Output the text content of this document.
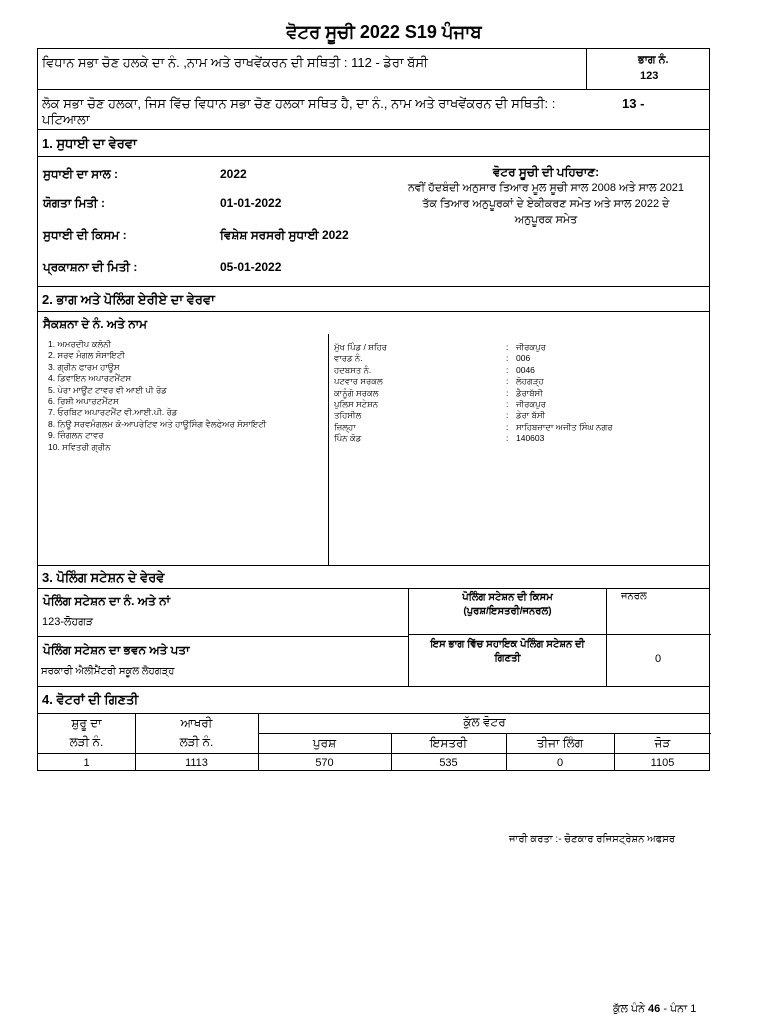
ਵੋਟਰ ਸੂਚੀ 2022 S19 ਪੰਜਾਬ
ਵਿਧਾਨ ਸਭਾ ਚੋਣ ਹਲਕੇ ਦਾ ਨੰ. ,ਨਾਮ ਅਤੇ ਰਾਖਵੇਂਕਰਨ ਦੀ ਸਥਿਤੀ : 112 - ਡੇਰਾ ਬੱਸੀ	ਭਾਗ ਨੰ.
123
ਲੋਕ ਸਭਾ ਚੋਣ ਹਲਕਾ, ਜਿਸ ਵਿੱਚ ਵਿਧਾਨ ਸਭਾ ਚੋਣ ਹਲਕਾ ਸਥਿਤ ਹੈ, ਦਾ ਨੰ., ਨਾਮ ਅਤੇ ਰਾਖਵੇਂਕਰਨ ਦੀ ਸਥਿਤੀ: :	13 -
ਪਟਿਆਲਾ
1. ਸੁਧਾਈ ਦਾ ਵੇਰਵਾ
ਸੁਧਾਈ ਦਾ ਸਾਲ :	2022
ਯੋਗਤਾ ਮਿਤੀ :	01-01-2022
ਸੁਧਾਈ ਦੀ ਕਿਸਮ :	ਵਿਸ਼ੇਸ਼ ਸਰਸਰੀ ਸੁਧਾਈ 2022
ਪ੍ਰਕਾਸ਼ਨਾ ਦੀ ਮਿਤੀ :	05-01-2022
ਵੋਟਰ ਸੂਚੀ ਦੀ ਪਹਿਚਾਣ:
ਨਵੀਂ ਹੱਦਬੰਦੀ ਅਨੁਸਾਰ ਤਿਆਰ ਮੂਲ ਸੂਚੀ ਸਾਲ 2008 ਅਤੇ ਸਾਲ 2021
ਤੱਕ ਤਿਆਰ ਅਨੁਪੂਰਕਾਂ ਦੇ ਏਕੀਕਰਣ ਸਮੇਤ ਅਤੇ ਸਾਲ 2022 ਦੇ
ਅਨੁਪੂਰਕ ਸਮੇਤ
2. ਭਾਗ ਅਤੇ ਪੋਲਿੰਗ ਏਰੀਏ ਦਾ ਵੇਰਵਾ
ਸੈਕਸ਼ਨਾ ਦੇ ਨੰ. ਅਤੇ ਨਾਮ
1. ਅਮਰਦੀਪ ਕਲੋਨੀ
2. ਸਰਵ ਮੰਗਲ ਸੋਸਾਇਟੀ
3. ਗ੍ਰੀਨ ਫਾਰਮ ਹਾਊਸ
4. ਡਿਵਾਇਨ ਅਪਾਰਟਮੈਂਟਸ
5. ਪੇਰਾ ਮਾਊਂਟ ਟਾਵਰ ਵੀ ਆਈ ਪੀ ਰੋਡ
6. ਰਿਸ਼ੀ ਅਪਾਰਟਮੈਂਟਸ
7. ਓਰਬਿਟ ਅਪਾਰਟਮੈਂਟ ਵੀ.ਆਈ.ਪੀ. ਰੋਡ
8. ਨਿਊ ਸਰਵਮੰਗਲਮ ਕੋ-ਆਪਰੇਟਿਵ ਅਤੇ ਹਾਊਸਿੰਗ ਵੈਲਫੇਅਰ ਸੋਸਾਇਟੀ
9. ਜ਼ਿੰਗਲਨ ਟਾਵਰ
10. ਸਵਿਤਰੀ ਗ੍ਰੀਨ
ਮੁੱਖ ਪਿੰਡ / ਸ਼ਹਿਰ	: ਜੀਰਕਪੁਰ
ਵਾਰਡ ਨੰ.	: 006
ਹਦਬਸਤ ਨੰ.	: 0046
ਪਟਵਾਰ ਸਰਕਲ	: ਲੋਹਗੜ੍ਹ
ਕਾਨੂੰਗੋ ਸਰਕਲ	: ਡੈਰਾਬੱਸੀ
ਪੁਲਿਸ ਸਟੇਸ਼ਨ	: ਜੀਰਕਪੁਰ
ਤਹਿਸੀਲ	: ਡੇਰਾ ਬੱਸੀ
ਜ਼ਿਲ੍ਹਾ	: ਸਾਹਿਬਜ਼ਾਦਾ ਅਜੀਤ ਸਿੰਘ ਨਗਰ
ਪਿੰਨ ਕੋਡ	: 140603
3. ਪੋਲਿੰਗ ਸਟੇਸ਼ਨ ਦੇ ਵੇਰਵੇ
ਪੋਲਿੰਗ ਸਟੇਸ਼ਨ ਦਾ ਨੰ. ਅਤੇ ਨਾਂ
123-ਲੋਹਗੜ
ਪੋਲਿੰਗ ਸਟੇਸ਼ਨ ਦੀ ਕਿਸਮ
(ਪੁਰਸ਼/ਇਸਤਰੀ/ਜਨਰਲ)
ਜਨਰਲ
ਪੋਲਿੰਗ ਸਟੇਸ਼ਨ ਦਾ ਭਵਨ ਅਤੇ ਪਤਾ
ਸਰਕਾਰੀ ਐਲੀਮੈਂਟਰੀ ਸਕੂਲ ਲੋਹਗੜ੍ਹ
ਇਸ ਭਾਗ ਵਿੱਚ ਸਹਾਇਕ ਪੋਲਿੰਗ ਸਟੇਸ਼ਨ ਦੀ
ਗਿਣਤੀ	0
4. ਵੋਟਰਾਂ ਦੀ ਗਿਣਤੀ
ਸ਼ੁਰੂ ਦਾ
ਲੜੀ ਨੰ.
ਆਖਰੀ
ਲੜੀ ਨੰ.
ਕੁੱਲ ਵੋਟਰ
ਪੁਰਸ਼	ਇਸਤਰੀ	ਤੀਜਾ ਲਿੰਗ	ਜੋੜ
1	1113	570	535	0	1105
ਜਾਰੀ ਕਰਤਾ :- ਚੋਣਕਾਰ ਰਜਿਸਟ੍ਰੇਸ਼ਨ ਅਫਸਰ
ਕੁੱਲ ਪੰਨੇ 46 - ਪੰਨਾ 1
